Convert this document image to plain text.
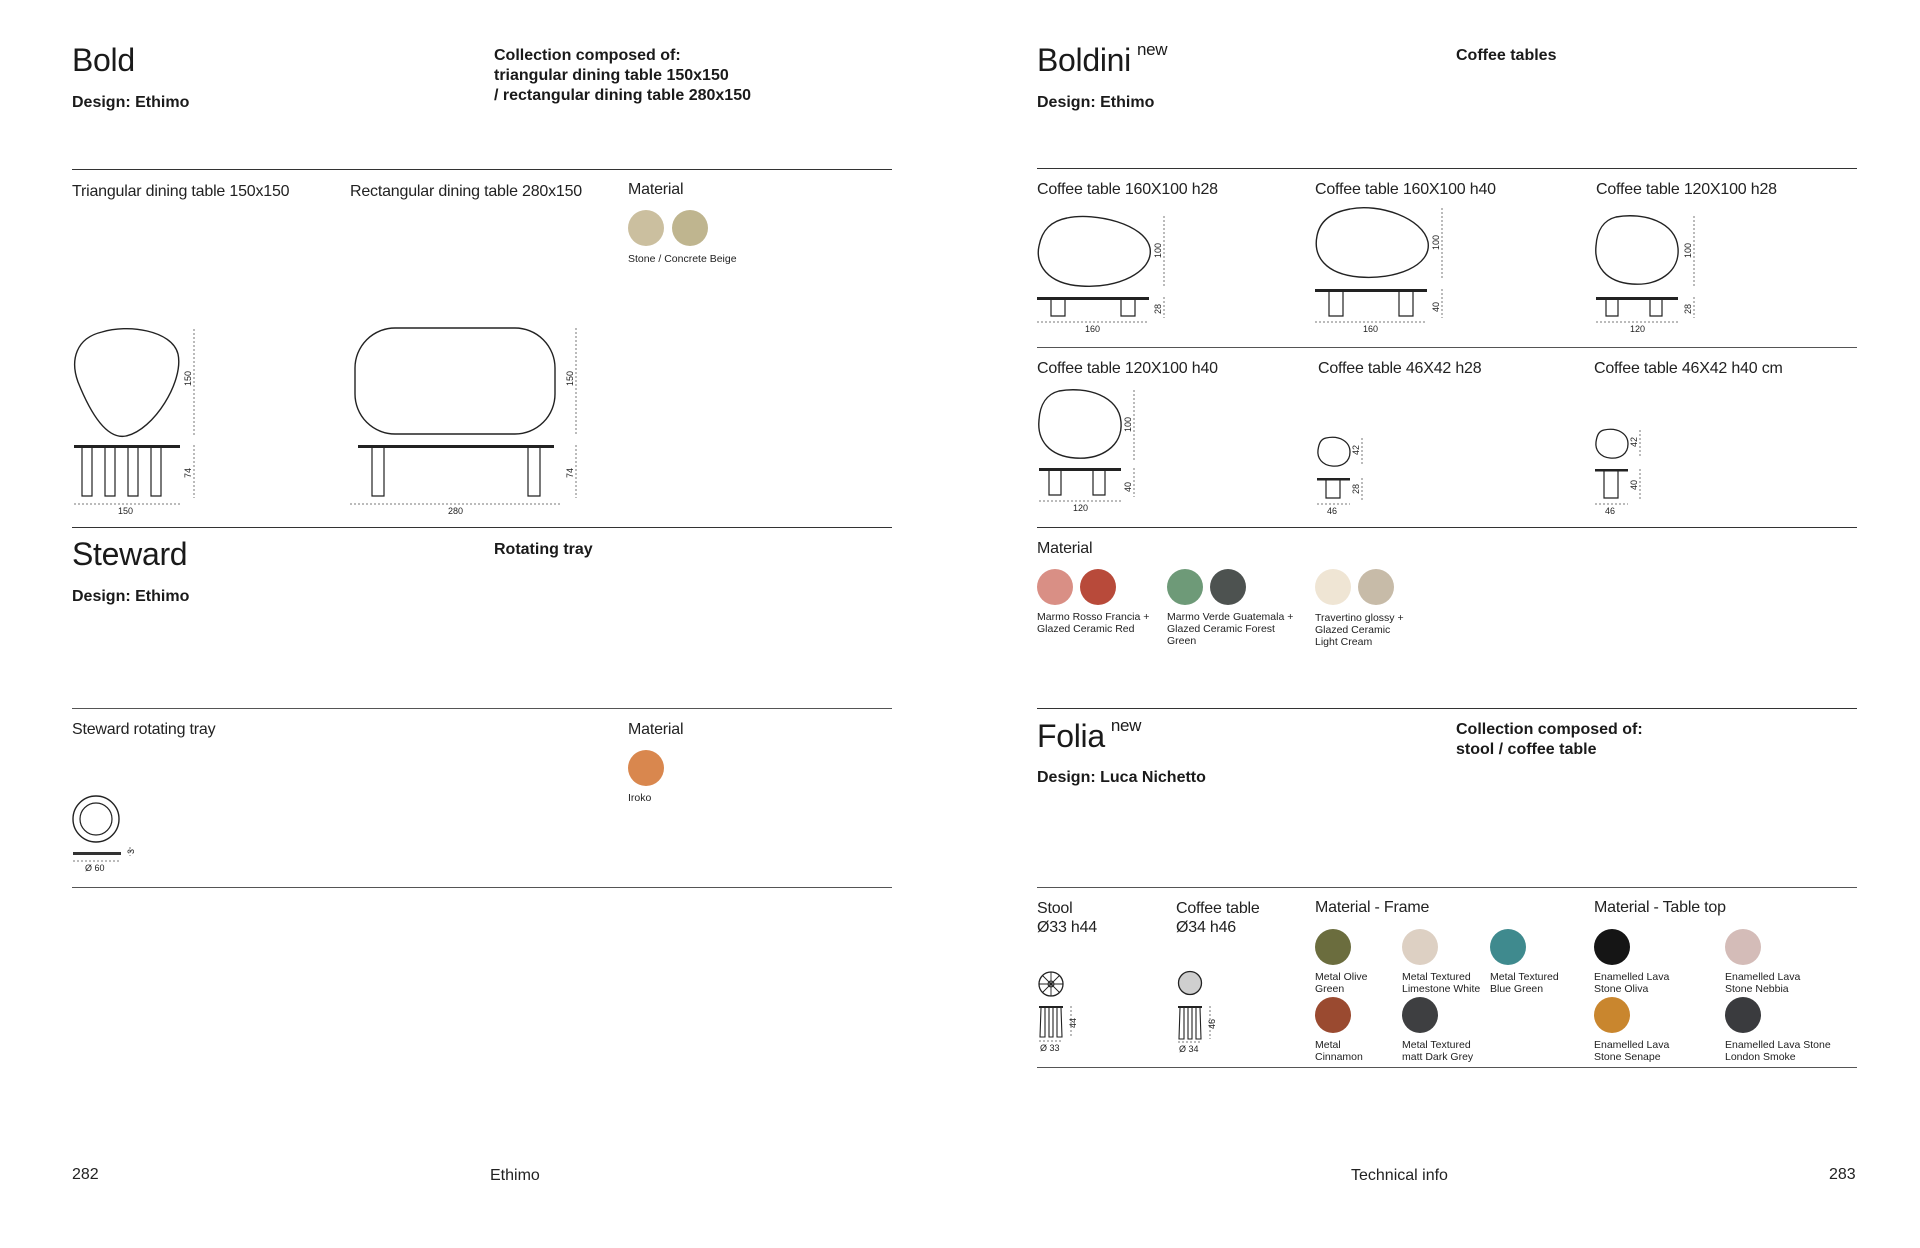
Bold
Design: Ethimo
Collection composed of:
triangular dining table 150x150
/ rectangular dining table 280x150
Triangular dining table 150x150	Rectangular dining table 280x150	Material
Stone / Concrete Beige
150
74
150
150
74
280
Steward	Rotating tray
Design: Ethimo
Steward rotating tray	Material
Iroko
3
Ø 60
Boldini $^{new}$	Coffee tables
Design: Ethimo
Coffee table 160X100 h28	Coffee table 160X100 h40	Coffee table 120X100 h28
100
28
160
100
40
160
100
28
120
Coffee table 120X100 h40	Coffee table 46X42 h28	Coffee table 46X42 h40 cm
100
40
120
42
28
46
42
40
46
Material
Marmo Rosso Francia + Glazed Ceramic Red
Marmo Verde Guatemala + Glazed Ceramic Forest Green
Travertino glossy + Glazed Ceramic Light Cream
Folia $^{new}$	Collection composed of:
stool / coffee table
Design: Luca Nichetto
Stool
Ø33 h44
Coffee table
Ø34 h46
44
Ø 33
46
Ø 34
Material - Frame
Metal Olive Green
Metal Textured Limestone White
Metal Textured Blue Green
Metal Cinnamon
Metal Textured matt Dark Grey
Material - Table top
Enamelled Lava Stone Oliva
Enamelled Lava Stone Nebbia
Enamelled Lava Stone Senape
Enamelled Lava Stone London Smoke
282	Ethimo	Technical info	283
